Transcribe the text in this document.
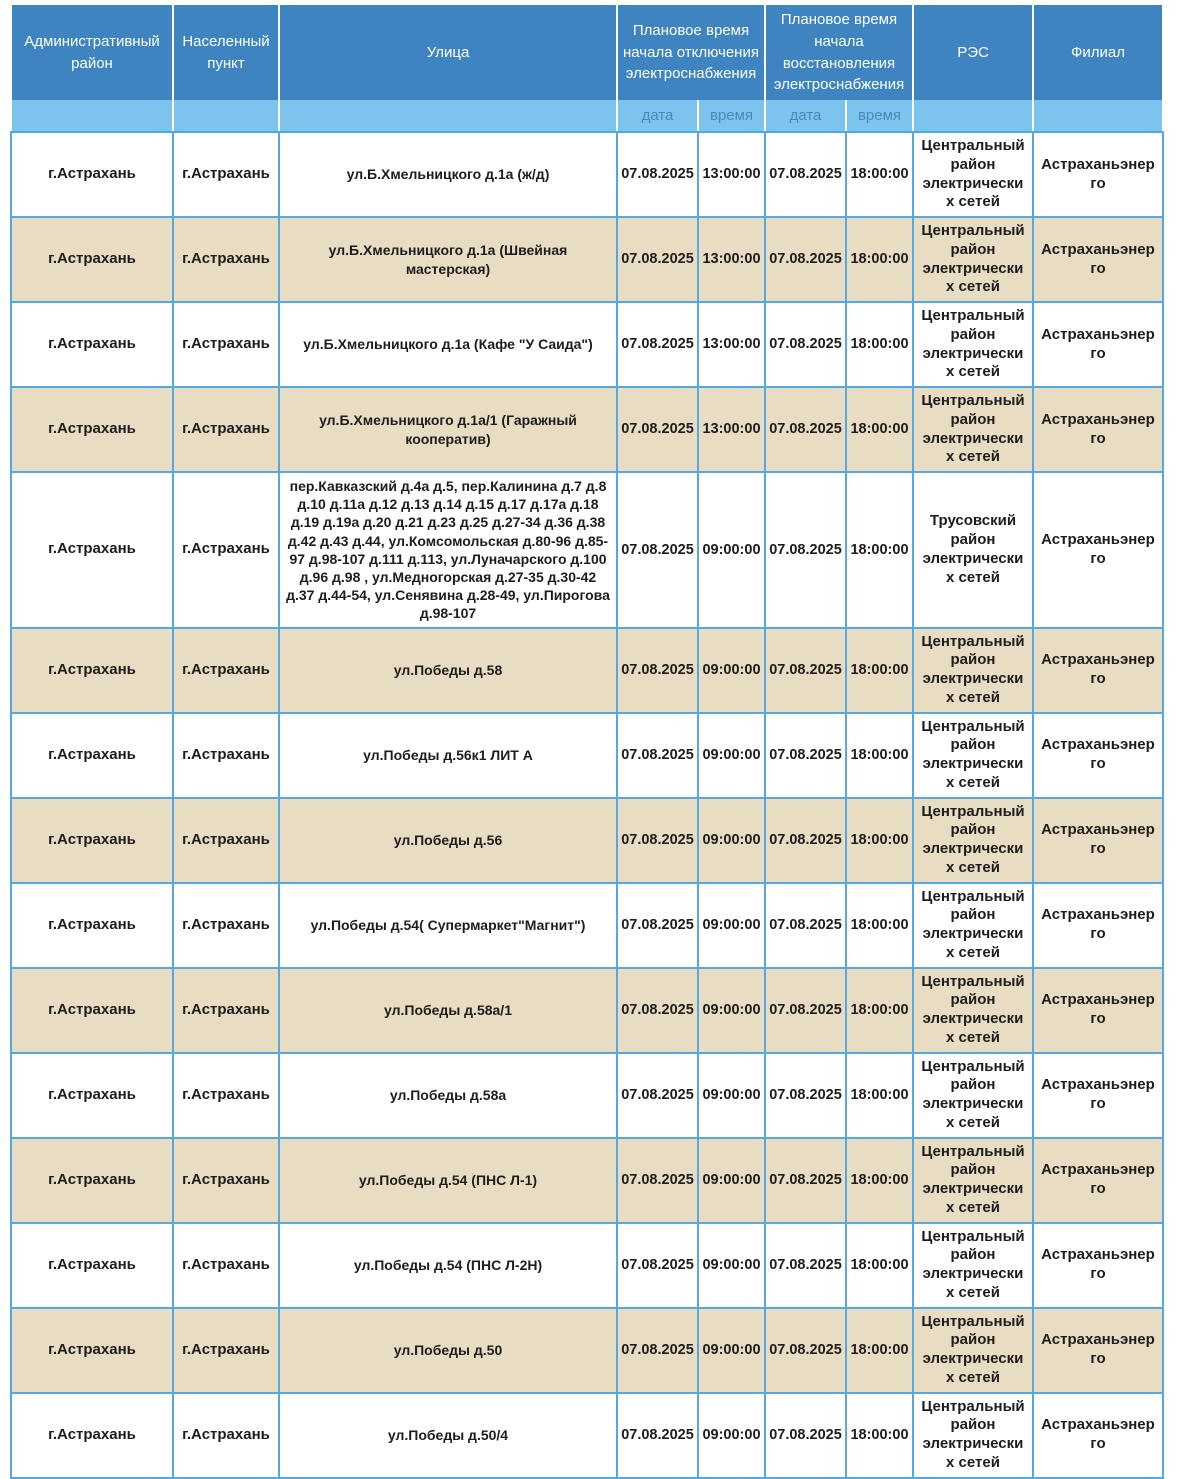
Административный район	Населенный пункт	Улица	Плановое время начала отключения электроснабжения		Плановое время начала восстановления электроснабжения		РЭС	Филиал
			дата	время	дата	время		
г.Астрахань	г.Астрахань	ул.Б.Хмельницкого д.1а (ж/д)	07.08.2025	13:00:00	07.08.2025	18:00:00	Центральный район электрических сетей	Астраханьэнерго
г.Астрахань	г.Астрахань	ул.Б.Хмельницкого д.1а (Швейная мастерская)	07.08.2025	13:00:00	07.08.2025	18:00:00	Центральный район электрических сетей	Астраханьэнерго
г.Астрахань	г.Астрахань	ул.Б.Хмельницкого д.1а (Кафе "У Саида")	07.08.2025	13:00:00	07.08.2025	18:00:00	Центральный район электрических сетей	Астраханьэнерго
г.Астрахань	г.Астрахань	ул.Б.Хмельницкого д.1а/1 (Гаражный кооператив)	07.08.2025	13:00:00	07.08.2025	18:00:00	Центральный район электрических сетей	Астраханьэнерго
г.Астрахань	г.Астрахань	пер.Кавказский д.4а д.5, пер.Калинина д.7 д.8 д.10 д.11а д.12 д.13 д.14 д.15 д.17 д.17а д.18 д.19 д.19а д.20 д.21 д.23 д.25 д.27-34 д.36 д.38 д.42 д.43 д.44, ул.Комсомольская д.80-96 д.85-97 д.98-107 д.111 д.113, ул.Луначарского д.100 д.96 д.98 , ул.Медногорская д.27-35 д.30-42 д.37 д.44-54, ул.Сенявина д.28-49, ул.Пирогова д.98-107	07.08.2025	09:00:00	07.08.2025	18:00:00	Трусовский район электрических сетей	Астраханьэнерго
г.Астрахань	г.Астрахань	ул.Победы д.58	07.08.2025	09:00:00	07.08.2025	18:00:00	Центральный район электрических сетей	Астраханьэнерго
г.Астрахань	г.Астрахань	ул.Победы д.56к1 ЛИТ А	07.08.2025	09:00:00	07.08.2025	18:00:00	Центральный район электрических сетей	Астраханьэнерго
г.Астрахань	г.Астрахань	ул.Победы д.56	07.08.2025	09:00:00	07.08.2025	18:00:00	Центральный район электрических сетей	Астраханьэнерго
г.Астрахань	г.Астрахань	ул.Победы д.54( Супермаркет"Магнит")	07.08.2025	09:00:00	07.08.2025	18:00:00	Центральный район электрических сетей	Астраханьэнерго
г.Астрахань	г.Астрахань	ул.Победы д.58а/1	07.08.2025	09:00:00	07.08.2025	18:00:00	Центральный район электрических сетей	Астраханьэнерго
г.Астрахань	г.Астрахань	ул.Победы д.58а	07.08.2025	09:00:00	07.08.2025	18:00:00	Центральный район электрических сетей	Астраханьэнерго
г.Астрахань	г.Астрахань	ул.Победы д.54 (ПНС Л-1)	07.08.2025	09:00:00	07.08.2025	18:00:00	Центральный район электрических сетей	Астраханьэнерго
г.Астрахань	г.Астрахань	ул.Победы д.54 (ПНС Л-2Н)	07.08.2025	09:00:00	07.08.2025	18:00:00	Центральный район электрических сетей	Астраханьэнерго
г.Астрахань	г.Астрахань	ул.Победы д.50	07.08.2025	09:00:00	07.08.2025	18:00:00	Центральный район электрических сетей	Астраханьэнерго
г.Астрахань	г.Астрахань	ул.Победы д.50/4	07.08.2025	09:00:00	07.08.2025	18:00:00	Центральный район электрических сетей	Астраханьэнерго
